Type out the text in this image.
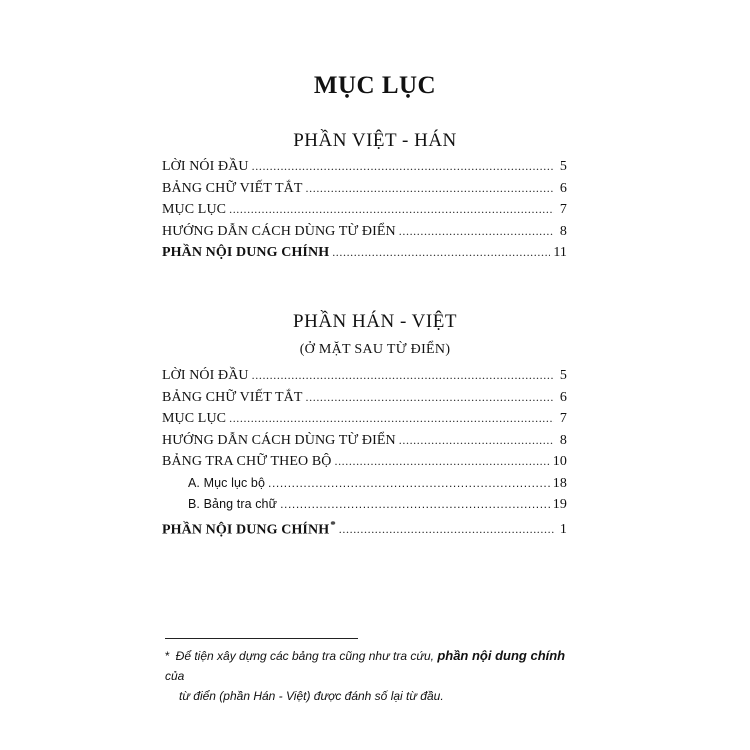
MỤC LỤC
PHẦN VIỆT - HÁN
LỜI NÓI ĐẦU .....	5
BẢNG CHỮ VIẾT TẮT .....	6
MỤC LỤC .....	7
HƯỚNG DẪN CÁCH DÙNG TỪ ĐIỂN .....	8
PHẦN NỘI DUNG CHÍNH .....	11
PHẦN HÁN - VIỆT
(Ở MẶT SAU TỪ ĐIỂN)
LỜI NÓI ĐẦU .....	5
BẢNG CHỮ VIẾT TẮT .....	6
MỤC LỤC .....	7
HƯỚNG DẪN CÁCH DÙNG TỪ ĐIỂN .....	8
BẢNG TRA CHỮ THEO BỘ .....	10
A. Mục lục bộ .....	18
B. Bảng tra chữ .....	19
PHẦN NỘI DUNG CHÍNH* .....	1
* Để tiện xây dựng các bảng tra cũng như tra cứu, phần nội dung chính của
từ điển (phần Hán - Việt) được đánh số lại từ đầu.
